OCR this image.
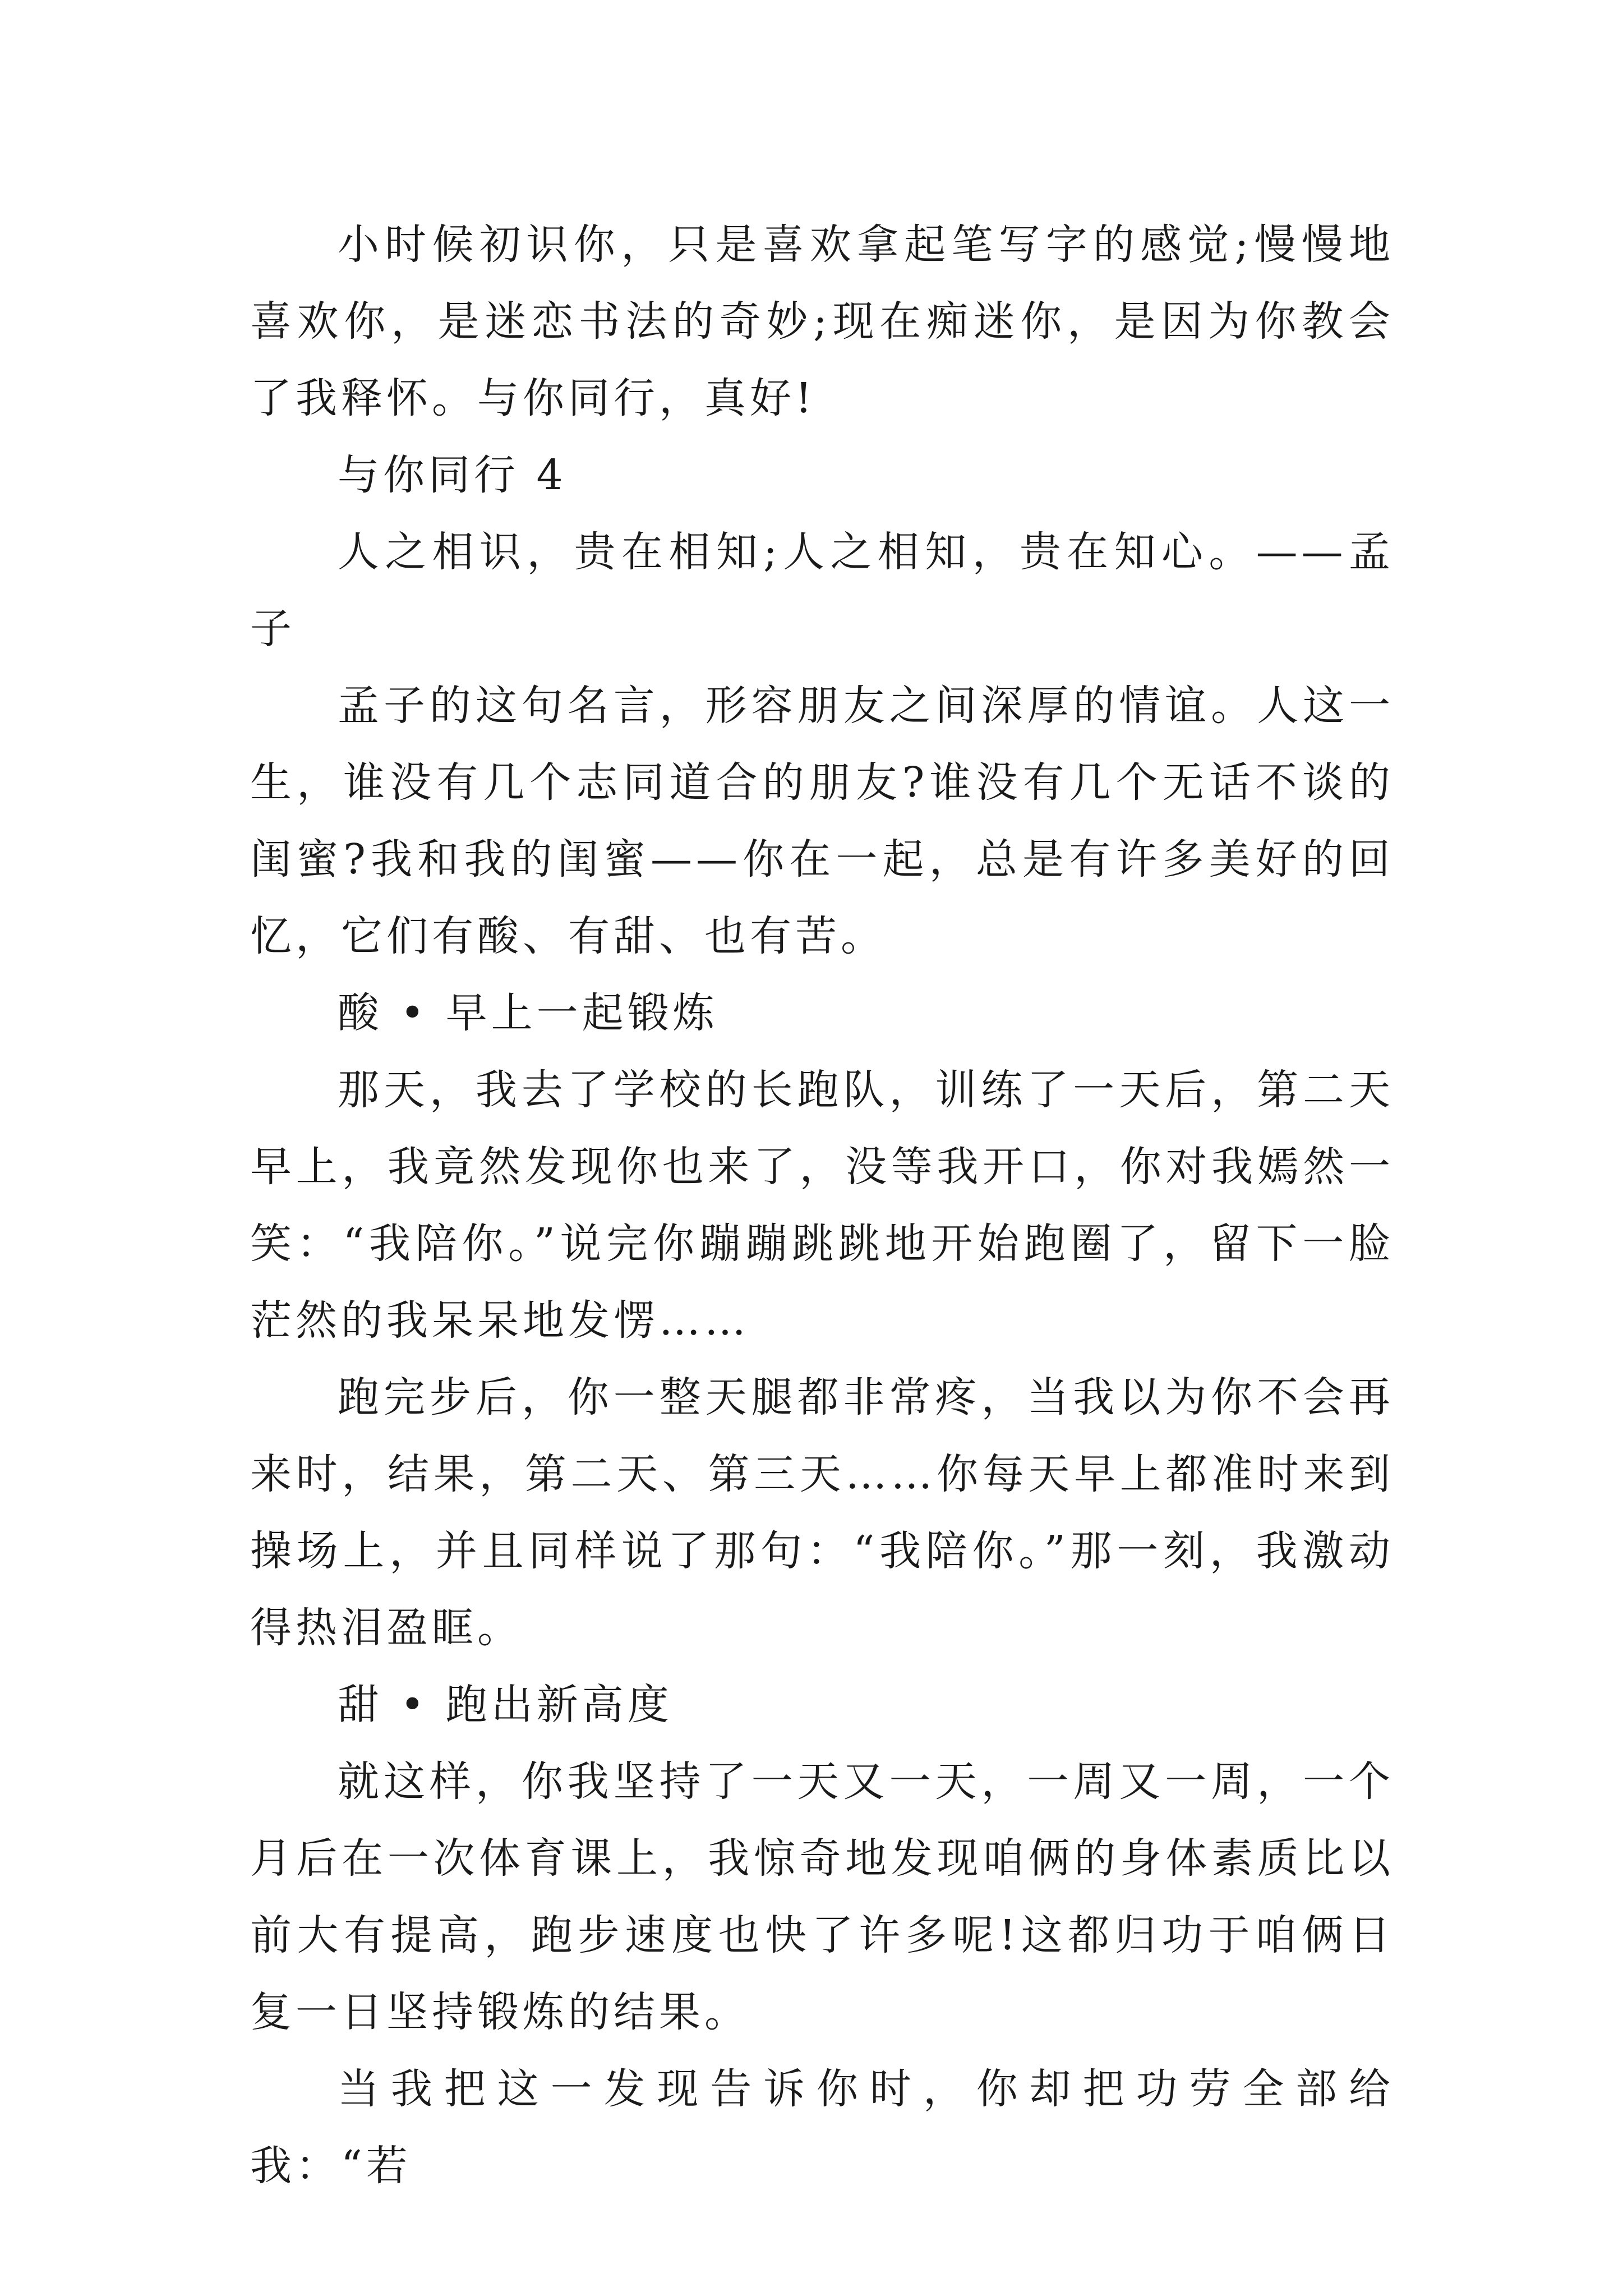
小时候初识你，只是喜欢拿起笔写字的感觉;慢慢地喜欢你，是迷恋书法的奇妙;现在痴迷你，是因为你教会了我释怀。与你同行，真好!

与你同行 4

人之相识，贵在相知;人之相知，贵在知心。——孟子

孟子的这句名言，形容朋友之间深厚的情谊。人这一生，谁没有几个志同道合的朋友?谁没有几个无话不谈的闺蜜?我和我的闺蜜——你在一起，总是有许多美好的回忆，它们有酸、有甜、也有苦。

酸 • 早上一起锻炼

那天，我去了学校的长跑队，训练了一天后，第二天早上，我竟然发现你也来了，没等我开口，你对我嫣然一笑：“我陪你。”说完你蹦蹦跳跳地开始跑圈了，留下一脸茫然的我呆呆地发愣……

跑完步后，你一整天腿都非常疼，当我以为你不会再来时，结果，第二天、第三天……你每天早上都准时来到操场上，并且同样说了那句：“我陪你。”那一刻，我激动得热泪盈眶。

甜 • 跑出新高度

就这样，你我坚持了一天又一天，一周又一周，一个月后在一次体育课上，我惊奇地发现咱俩的身体素质比以前大有提高，跑步速度也快了许多呢!这都归功于咱俩日复一日坚持锻炼的结果。

当我把这一发现告诉你时，你却把功劳全部给我：“若
